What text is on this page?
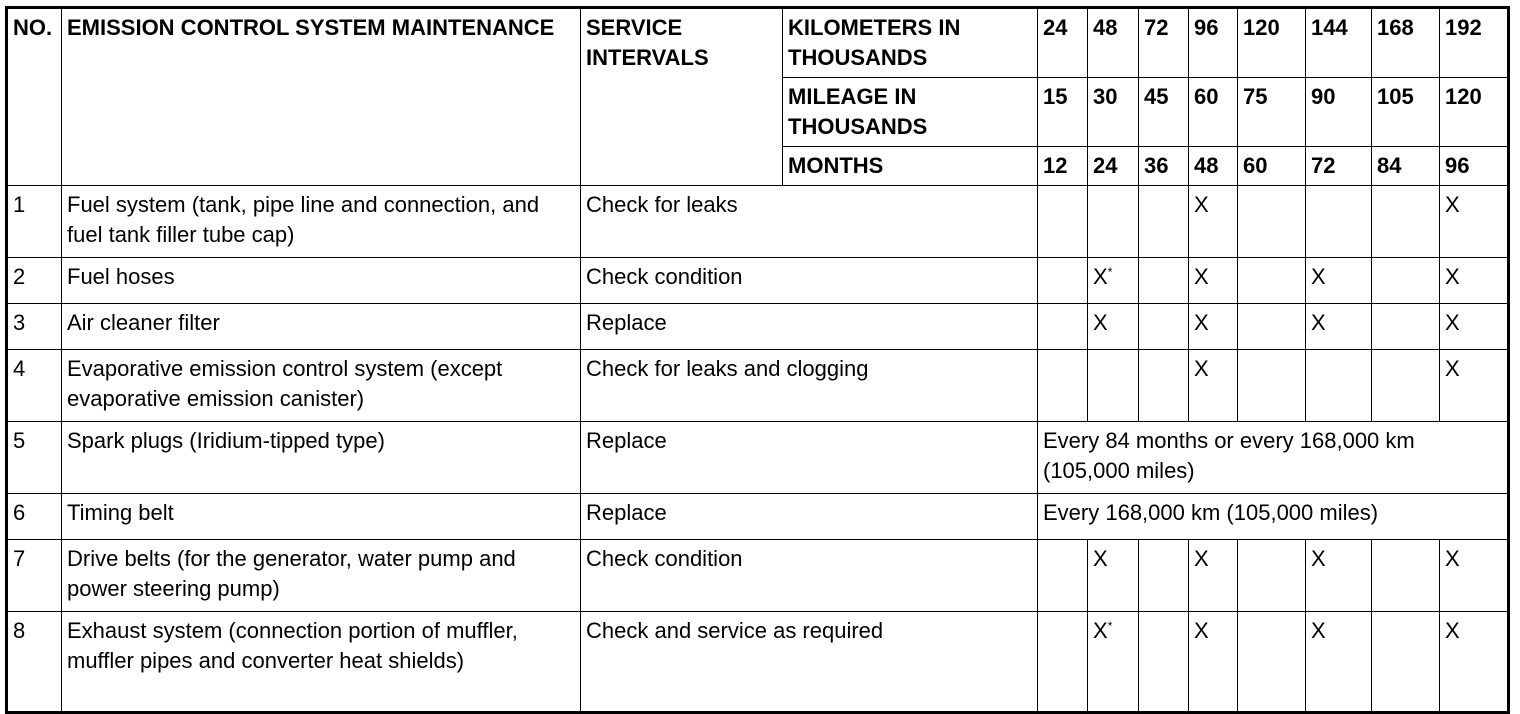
NO.	EMISSION CONTROL SYSTEM MAINTENANCE	SERVICE INTERVALS	KILOMETERS IN THOUSANDS	24	48	72	96	120	144	168	192
			MILEAGE IN THOUSANDS	15	30	45	60	75	90	105	120
			MONTHS	12	24	36	48	60	72	84	96
1	Fuel system (tank, pipe line and connection, and fuel tank filler tube cap)	Check for leaks					X				X
2	Fuel hoses	Check condition			X*		X		X		X
3	Air cleaner filter	Replace			X		X		X		X
4	Evaporative emission control system (except evaporative emission canister)	Check for leaks and clogging					X				X
5	Spark plugs (Iridium-tipped type)	Replace		Every 84 months or every 168,000 km (105,000 miles)							
6	Timing belt	Replace		Every 168,000 km (105,000 miles)							
7	Drive belts (for the generator, water pump and power steering pump)	Check condition			X		X		X		X
8	Exhaust system (connection portion of muffler, muffler pipes and converter heat shields)	Check and service as required			X*		X		X		X
